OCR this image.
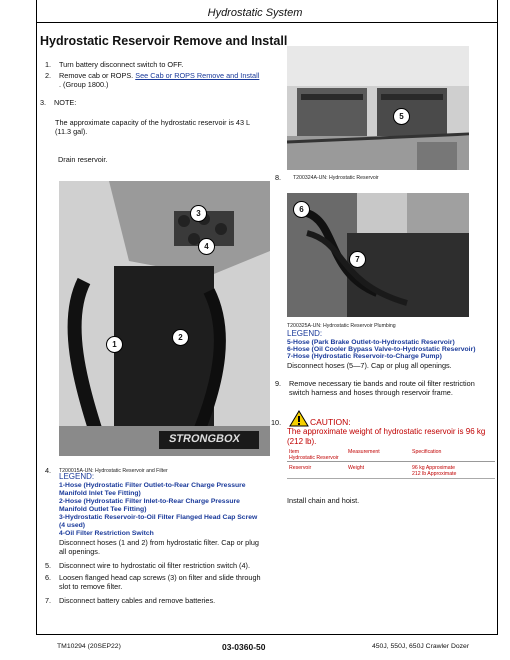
Hydrostatic System
Hydrostatic Reservoir Remove and Install
1. Turn battery disconnect switch to OFF.
2. Remove cab or ROPS. See Cab or ROPS Remove and Install
. (Group 1800.)
3. NOTE:
The approximate capacity of the hydrostatic reservoir is 43 L (11.3 gal).
Drain reservoir.
5
8. T200324A-UN: Hydrostatic Reservoir
6
7
T200325A-UN: Hydrostatic Reservoir Plumbing
LEGEND:
5-Hose (Park Brake Outlet-to-Hydrostatic Reservoir)
6-Hose (Oil Cooler Bypass Valve-to-Hydrostatic Reservoir)
7-Hose (Hydrostatic Reservoir-to-Charge Pump)
Disconnect hoses (5—7). Cap or plug all openings.
9. Remove necessary tie bands and route oil filter restriction switch harness and hoses through reservoir frame.
10.	CAUTION:
The approximate weight of hydrostatic reservoir is 96 kg (212 lb).
Item	Measurement	Specification
Hydrostatic Reservoir		
Reservoir	Weight	96 kg Approximate
212 lb Approximate
Install chain and hoist.
STRONGBOX
3
4
2
1
4. T200015A-UN: Hydrostatic Reservoir and Filter
LEGEND:
1-Hose (Hydrostatic Filter Outlet-to-Rear Charge Pressure Manifold Inlet Tee Fitting)
2-Hose (Hydrostatic Filter Inlet-to-Rear Charge Pressure Manifold Outlet Tee Fitting)
3-Hydrostatic Reservoir-to-Oil Filter Flanged Head Cap Screw (4 used)
4-Oil Filter Restriction Switch
Disconnect hoses (1 and 2) from hydrostatic filter. Cap or plug all openings.
5. Disconnect wire to hydrostatic oil filter restriction switch (4).
6. Loosen flanged head cap screws (3) on filter and slide through slot to remove filter.
7. Disconnect battery cables and remove batteries.
TM10294 (20SEP22)	03-0360-50	450J, 550J, 650J Crawler Dozer
